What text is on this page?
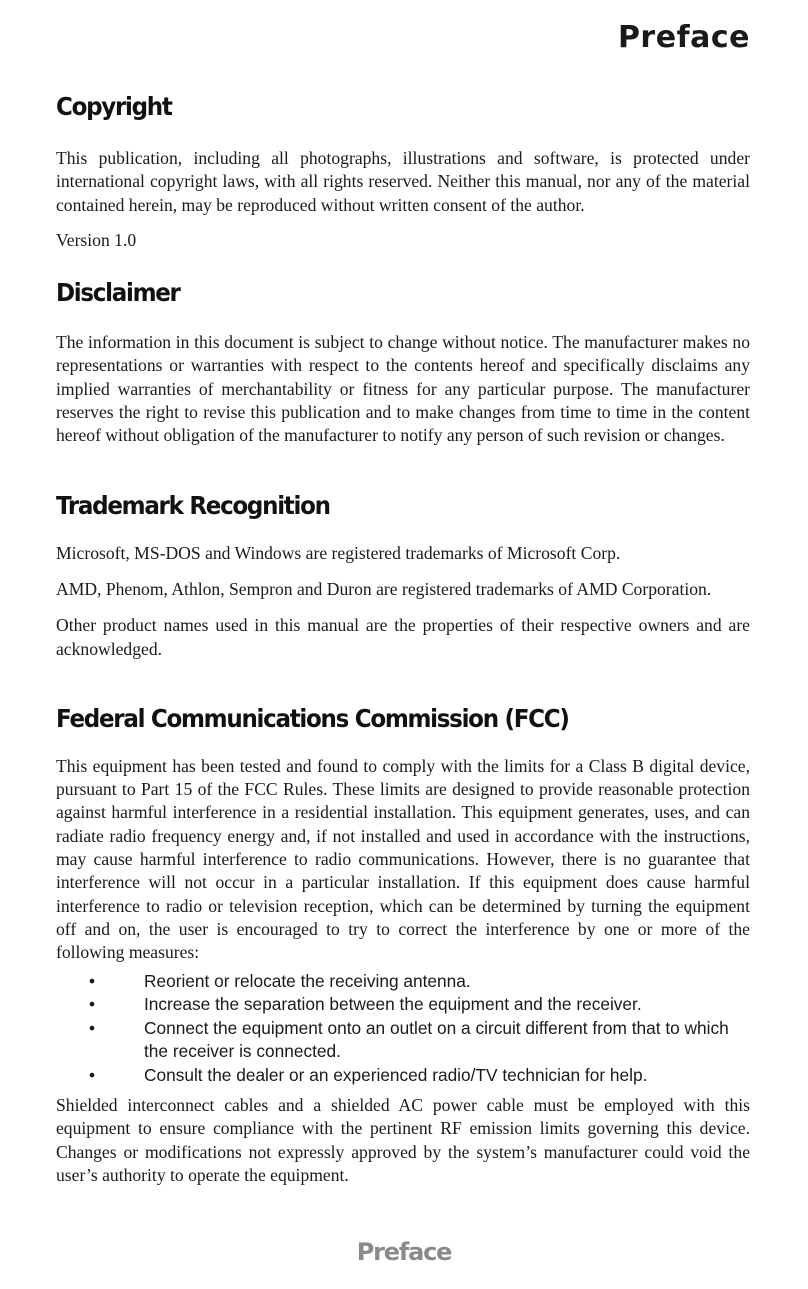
Preface
Copyright

This publication, including all photographs, illustrations and software, is protected under international copyright laws, with all rights reserved. Neither this manual, nor any of the material contained herein, may be reproduced without written consent of the author.

Version 1.0

Disclaimer

The information in this document is subject to change without notice. The manufacturer makes no representations or warranties with respect to the contents hereof and specifically disclaims any implied warranties of merchantability or fitness for any particular purpose. The manufacturer reserves the right to revise this publication and to make changes from time to time in the content hereof without obligation of the manufacturer to notify any person of such revision or changes.

Trademark Recognition

Microsoft, MS-DOS and Windows are registered trademarks of Microsoft Corp.

AMD, Phenom, Athlon, Sempron and Duron are registered trademarks of AMD Corporation.

Other product names used in this manual are the properties of their respective owners and are acknowledged.

Federal Communications Commission (FCC)

This equipment has been tested and found to comply with the limits for a Class B digital device, pursuant to Part 15 of the FCC Rules. These limits are designed to provide reasonable protection against harmful interference in a residential installation. This equipment generates, uses, and can radiate radio frequency energy and, if not installed and used in accordance with the instructions, may cause harmful interference to radio communications. However, there is no guarantee that interference will not occur in a particular installation. If this equipment does cause harmful interference to radio or television reception, which can be determined by turning the equipment off and on, the user is encouraged to try to correct the interference by one or more of the following measures:

•	Reorient or relocate the receiving antenna.
•	Increase the separation between the equipment and the receiver.
•	Connect the equipment onto an outlet on a circuit different from that to which the receiver is connected.
•	Consult the dealer or an experienced radio/TV technician for help.

Shielded interconnect cables and a shielded AC power cable must be employed with this equipment to ensure compliance with the pertinent RF emission limits governing this device. Changes or modifications not expressly approved by the system’s manufacturer could void the user’s authority to operate the equipment.

Preface
